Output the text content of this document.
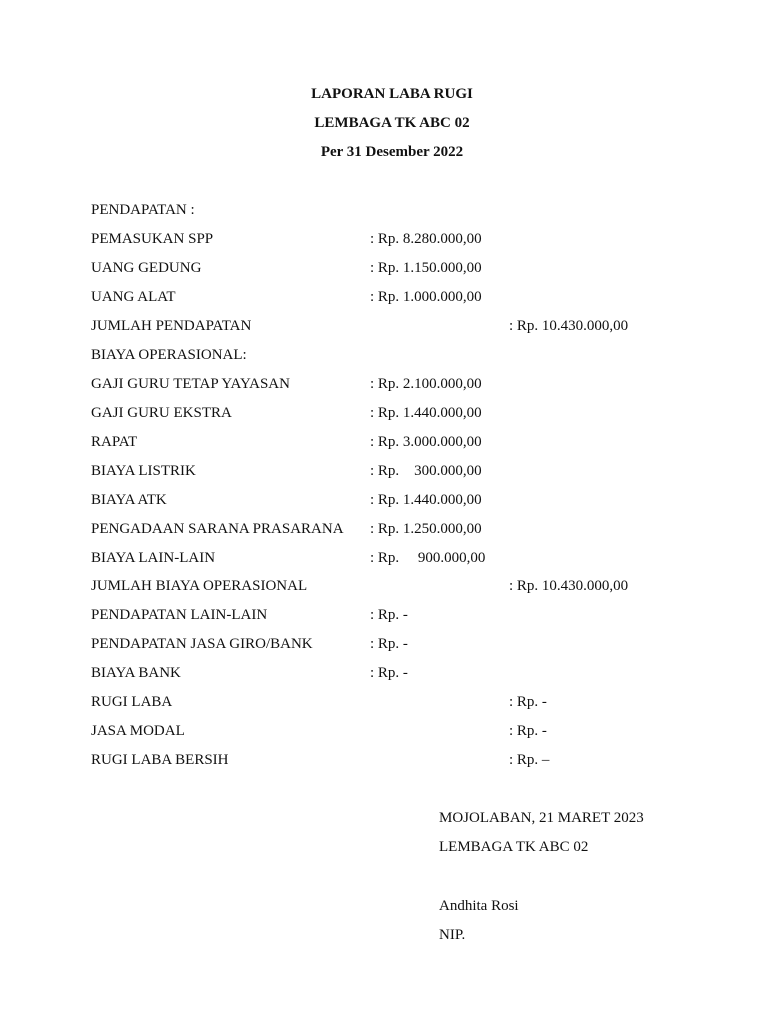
LAPORAN LABA RUGI
LEMBAGA TK ABC 02
Per 31 Desember 2022
PENDAPATAN :
PEMASUKAN SPP	: Rp. 8.280.000,00
UANG GEDUNG	: Rp. 1.150.000,00
UANG ALAT	: Rp. 1.000.000,00
JUMLAH PENDAPATAN	: Rp. 10.430.000,00
BIAYA OPERASIONAL:
GAJI GURU TETAP YAYASAN	: Rp. 2.100.000,00
GAJI GURU EKSTRA	: Rp. 1.440.000,00
RAPAT	: Rp. 3.000.000,00
BIAYA LISTRIK	: Rp.    300.000,00
BIAYA ATK	: Rp. 1.440.000,00
PENGADAAN SARANA PRASARANA : Rp. 1.250.000,00
BIAYA LAIN-LAIN	: Rp.     900.000,00
JUMLAH BIAYA OPERASIONAL	: Rp. 10.430.000,00
PENDAPATAN LAIN-LAIN	: Rp. -
PENDAPATAN JASA GIRO/BANK	: Rp. -
BIAYA BANK	: Rp. -
RUGI LABA	: Rp. -
JASA MODAL	: Rp. -
RUGI LABA BERSIH	: Rp. –
MOJOLABAN, 21 MARET 2023
LEMBAGA TK ABC 02
Andhita Rosi
NIP.
